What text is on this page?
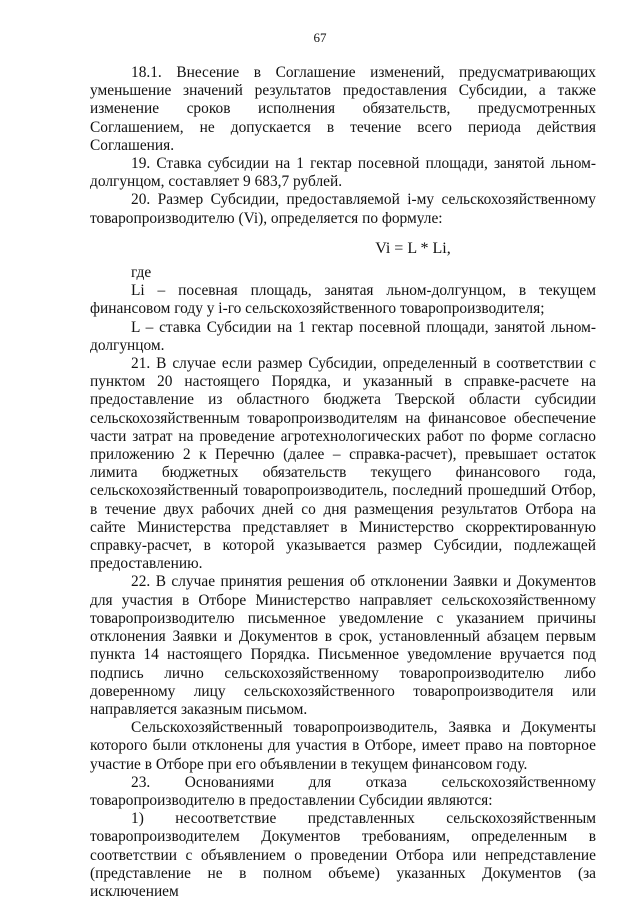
67

18.1. Внесение в Соглашение изменений, предусматривающих уменьшение значений результатов предоставления Субсидии, а также изменение сроков исполнения обязательств, предусмотренных Соглашением, не допускается в течение всего периода действия Соглашения.

19. Ставка субсидии на 1 гектар посевной площади, занятой льном-долгунцом, составляет 9 683,7 рублей.

20. Размер Субсидии, предоставляемой i-му сельскохозяйственному товаропроизводителю (Vi), определяется по формуле:

Vi = L * Li,

где

Li – посевная площадь, занятая льном-долгунцом, в текущем финансовом году у i-го сельскохозяйственного товаропроизводителя;

L – ставка Субсидии на 1 гектар посевной площади, занятой льном-долгунцом.

21. В случае если размер Субсидии, определенный в соответствии с пунктом 20 настоящего Порядка, и указанный в справке-расчете на предоставление из областного бюджета Тверской области субсидии сельскохозяйственным товаропроизводителям на финансовое обеспечение части затрат на проведение агротехнологических работ по форме согласно приложению 2 к Перечню (далее – справка-расчет), превышает остаток лимита бюджетных обязательств текущего финансового года, сельскохозяйственный товаропроизводитель, последний прошедший Отбор, в течение двух рабочих дней со дня размещения результатов Отбора на сайте Министерства представляет в Министерство скорректированную справку-расчет, в которой указывается размер Субсидии, подлежащей предоставлению.

22. В случае принятия решения об отклонении Заявки и Документов для участия в Отборе Министерство направляет сельскохозяйственному товаропроизводителю письменное уведомление с указанием причины отклонения Заявки и Документов в срок, установленный абзацем первым пункта 14 настоящего Порядка. Письменное уведомление вручается под подпись лично сельскохозяйственному товаропроизводителю либо доверенному лицу сельскохозяйственного товаропроизводителя или направляется заказным письмом.

Сельскохозяйственный товаропроизводитель, Заявка и Документы которого были отклонены для участия в Отборе, имеет право на повторное участие в Отборе при его объявлении в текущем финансовом году.

23. Основаниями для отказа сельскохозяйственному товаропроизводителю в предоставлении Субсидии являются:

1) несоответствие представленных сельскохозяйственным товаропроизводителем Документов требованиям, определенным в соответствии с объявлением о проведении Отбора или непредставление (представление не в полном объеме) указанных Документов (за исключением
